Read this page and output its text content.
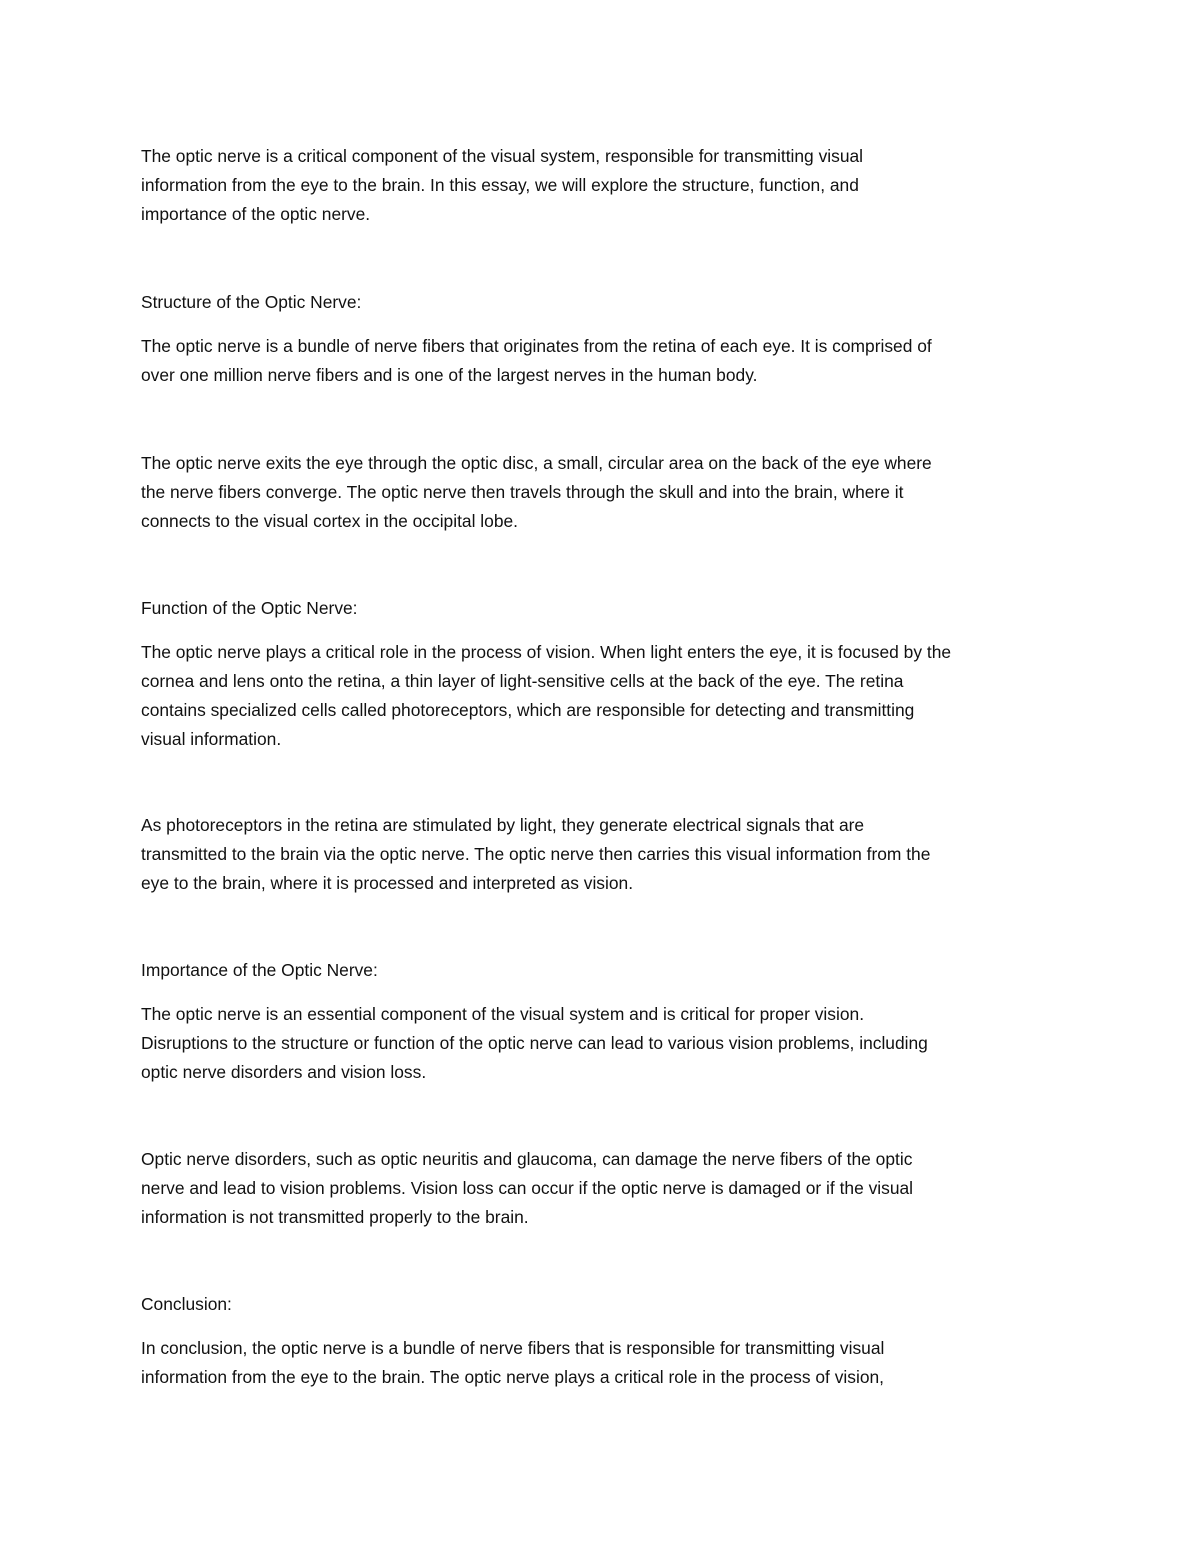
The optic nerve is a critical component of the visual system, responsible for transmitting visual
information from the eye to the brain. In this essay, we will explore the structure, function, and
importance of the optic nerve.

Structure of the Optic Nerve:

The optic nerve is a bundle of nerve fibers that originates from the retina of each eye. It is comprised of
over one million nerve fibers and is one of the largest nerves in the human body.

The optic nerve exits the eye through the optic disc, a small, circular area on the back of the eye where
the nerve fibers converge. The optic nerve then travels through the skull and into the brain, where it
connects to the visual cortex in the occipital lobe.

Function of the Optic Nerve:

The optic nerve plays a critical role in the process of vision. When light enters the eye, it is focused by the
cornea and lens onto the retina, a thin layer of light-sensitive cells at the back of the eye. The retina
contains specialized cells called photoreceptors, which are responsible for detecting and transmitting
visual information.

As photoreceptors in the retina are stimulated by light, they generate electrical signals that are
transmitted to the brain via the optic nerve. The optic nerve then carries this visual information from the
eye to the brain, where it is processed and interpreted as vision.

Importance of the Optic Nerve:

The optic nerve is an essential component of the visual system and is critical for proper vision.
Disruptions to the structure or function of the optic nerve can lead to various vision problems, including
optic nerve disorders and vision loss.

Optic nerve disorders, such as optic neuritis and glaucoma, can damage the nerve fibers of the optic
nerve and lead to vision problems. Vision loss can occur if the optic nerve is damaged or if the visual
information is not transmitted properly to the brain.

Conclusion:

In conclusion, the optic nerve is a bundle of nerve fibers that is responsible for transmitting visual
information from the eye to the brain. The optic nerve plays a critical role in the process of vision,
